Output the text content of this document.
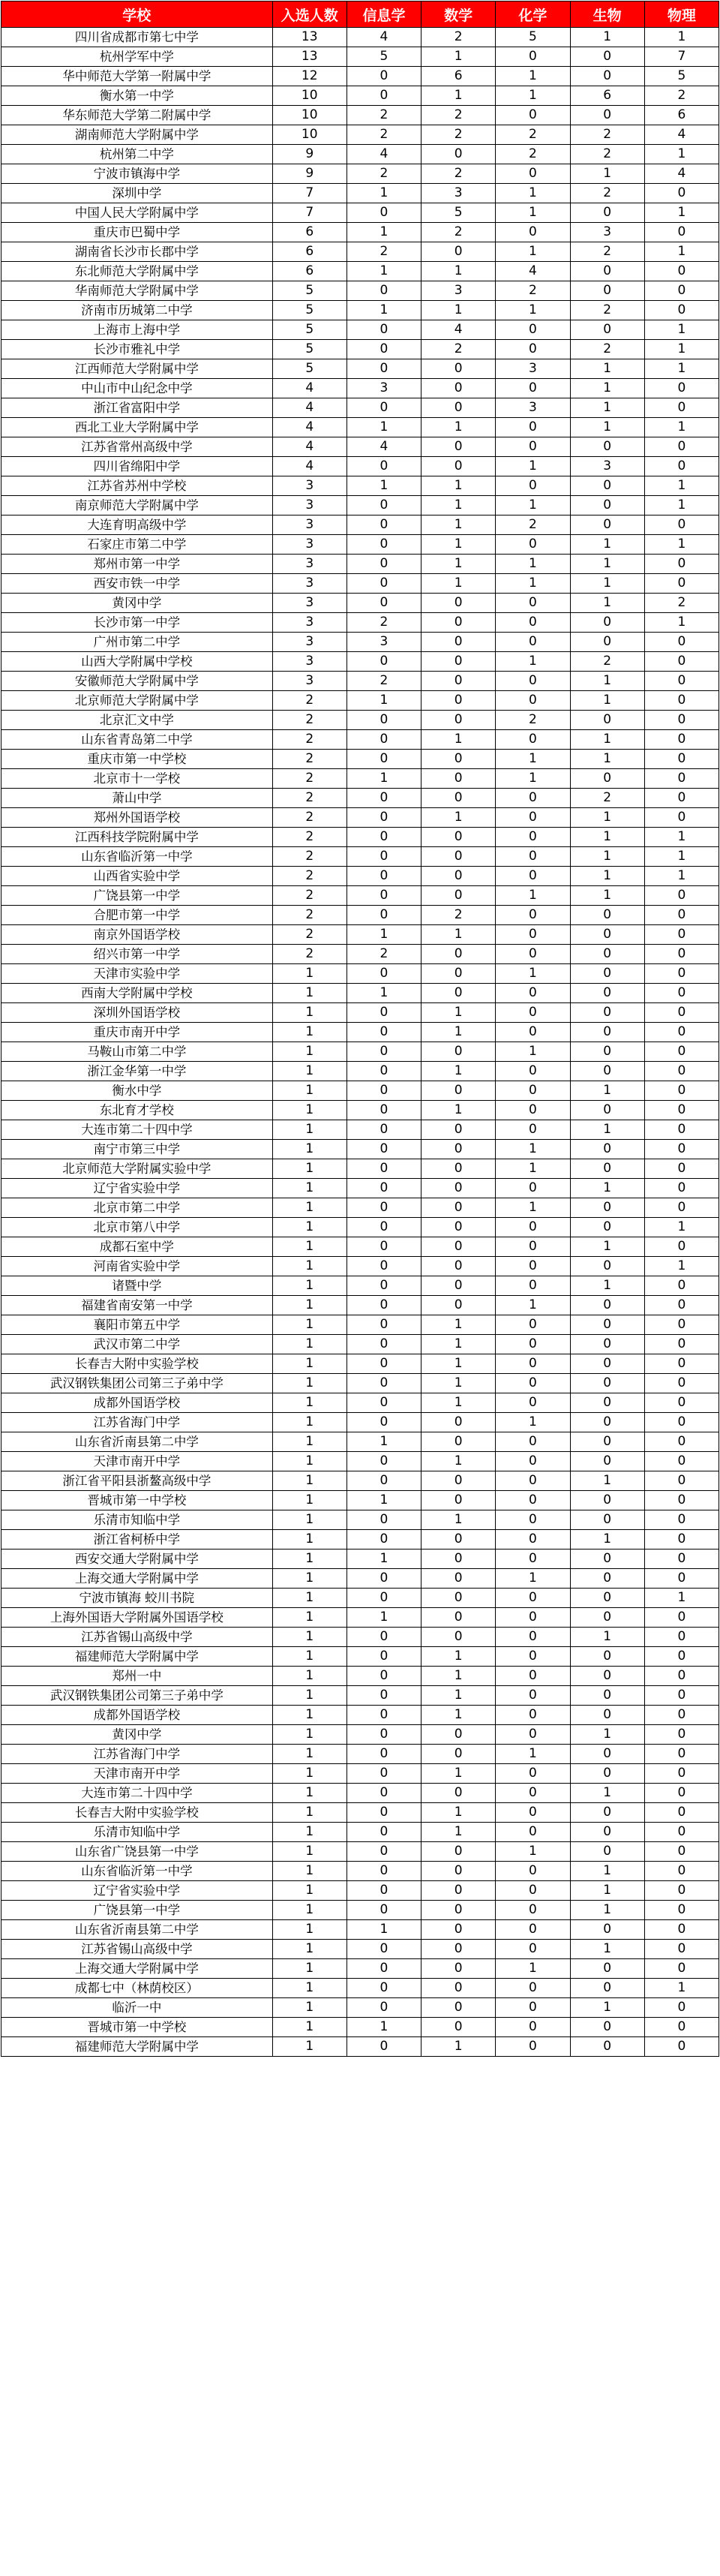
学校	入选人数	信息学	数学	化学	生物	物理
四川省成都市第七中学	13	4	2	5	1	1
杭州学军中学	13	5	1	0	0	7
华中师范大学第一附属中学	12	0	6	1	0	5
衡水第一中学	10	0	1	1	6	2
华东师范大学第二附属中学	10	2	2	0	0	6
湖南师范大学附属中学	10	2	2	2	2	4
杭州第二中学	9	4	0	2	2	1
宁波市镇海中学	9	2	2	0	1	4
深圳中学	7	1	3	1	2	0
中国人民大学附属中学	7	0	5	1	0	1
重庆市巴蜀中学	6	1	2	0	3	0
湖南省长沙市长郡中学	6	2	0	1	2	1
东北师范大学附属中学	6	1	1	4	0	0
华南师范大学附属中学	5	0	3	2	0	0
济南市历城第二中学	5	1	1	1	2	0
上海市上海中学	5	0	4	0	0	1
长沙市雅礼中学	5	0	2	0	2	1
江西师范大学附属中学	5	0	0	3	1	1
中山市中山纪念中学	4	3	0	0	1	0
浙江省富阳中学	4	0	0	3	1	0
西北工业大学附属中学	4	1	1	0	1	1
江苏省常州高级中学	4	4	0	0	0	0
四川省绵阳中学	4	0	0	1	3	0
江苏省苏州中学校	3	1	1	0	0	1
南京师范大学附属中学	3	0	1	1	0	1
大连育明高级中学	3	0	1	2	0	0
石家庄市第二中学	3	0	1	0	1	1
郑州市第一中学	3	0	1	1	1	0
西安市铁一中学	3	0	1	1	1	0
黄冈中学	3	0	0	0	1	2
长沙市第一中学	3	2	0	0	0	1
广州市第二中学	3	3	0	0	0	0
山西大学附属中学校	3	0	0	1	2	0
安徽师范大学附属中学	3	2	0	0	1	0
北京师范大学附属中学	2	1	0	0	1	0
北京汇文中学	2	0	0	2	0	0
山东省青岛第二中学	2	0	1	0	1	0
重庆市第一中学校	2	0	0	1	1	0
北京市十一学校	2	1	0	1	0	0
萧山中学	2	0	0	0	2	0
郑州外国语学校	2	0	1	0	1	0
江西科技学院附属中学	2	0	0	0	1	1
山东省临沂第一中学	2	0	0	0	1	1
山西省实验中学	2	0	0	0	1	1
广饶县第一中学	2	0	0	1	1	0
合肥市第一中学	2	0	2	0	0	0
南京外国语学校	2	1	1	0	0	0
绍兴市第一中学	2	2	0	0	0	0
天津市实验中学	1	0	0	1	0	0
西南大学附属中学校	1	1	0	0	0	0
深圳外国语学校	1	0	1	0	0	0
重庆市南开中学	1	0	1	0	0	0
马鞍山市第二中学	1	0	0	1	0	0
浙江金华第一中学	1	0	1	0	0	0
衡水中学	1	0	0	0	1	0
东北育才学校	1	0	1	0	0	0
大连市第二十四中学	1	0	0	0	1	0
南宁市第三中学	1	0	0	1	0	0
北京师范大学附属实验中学	1	0	0	1	0	0
辽宁省实验中学	1	0	0	0	1	0
北京市第二中学	1	0	0	1	0	0
北京市第八中学	1	0	0	0	0	1
成都石室中学	1	0	0	0	1	0
河南省实验中学	1	0	0	0	0	1
诸暨中学	1	0	0	0	1	0
福建省南安第一中学	1	0	0	1	0	0
襄阳市第五中学	1	0	1	0	0	0
武汉市第二中学	1	0	1	0	0	0
长春吉大附中实验学校	1	0	1	0	0	0
武汉钢铁集团公司第三子弟中学	1	0	1	0	0	0
成都外国语学校	1	0	1	0	0	0
江苏省海门中学	1	0	0	1	0	0
山东省沂南县第二中学	1	1	0	0	0	0
天津市南开中学	1	0	1	0	0	0
浙江省平阳县浙鳌高级中学	1	0	0	0	1	0
晋城市第一中学校	1	1	0	0	0	0
乐清市知临中学	1	0	1	0	0	0
浙江省柯桥中学	1	0	0	0	1	0
西安交通大学附属中学	1	1	0	0	0	0
上海交通大学附属中学	1	0	0	1	0	0
宁波市镇海 蛟川书院	1	0	0	0	0	1
上海外国语大学附属外国语学校	1	1	0	0	0	0
江苏省锡山高级中学	1	0	0	0	1	0
福建师范大学附属中学	1	0	1	0	0	0
郑州一中	1	0	1	0	0	0
武汉钢铁集团公司第三子弟中学	1	0	1	0	0	0
成都外国语学校	1	0	1	0	0	0
黄冈中学	1	0	0	0	1	0
江苏省海门中学	1	0	0	1	0	0
天津市南开中学	1	0	1	0	0	0
大连市第二十四中学	1	0	0	0	1	0
长春吉大附中实验学校	1	0	1	0	0	0
乐清市知临中学	1	0	1	0	0	0
山东省广饶县第一中学	1	0	0	1	0	0
山东省临沂第一中学	1	0	0	0	1	0
辽宁省实验中学	1	0	0	0	1	0
广饶县第一中学	1	0	0	0	1	0
山东省沂南县第二中学	1	1	0	0	0	0
江苏省锡山高级中学	1	0	0	0	1	0
上海交通大学附属中学	1	0	0	1	0	0
成都七中（林荫校区）	1	0	0	0	0	1
临沂一中	1	0	0	0	1	0
晋城市第一中学校	1	1	0	0	0	0
福建师范大学附属中学	1	0	1	0	0	0
